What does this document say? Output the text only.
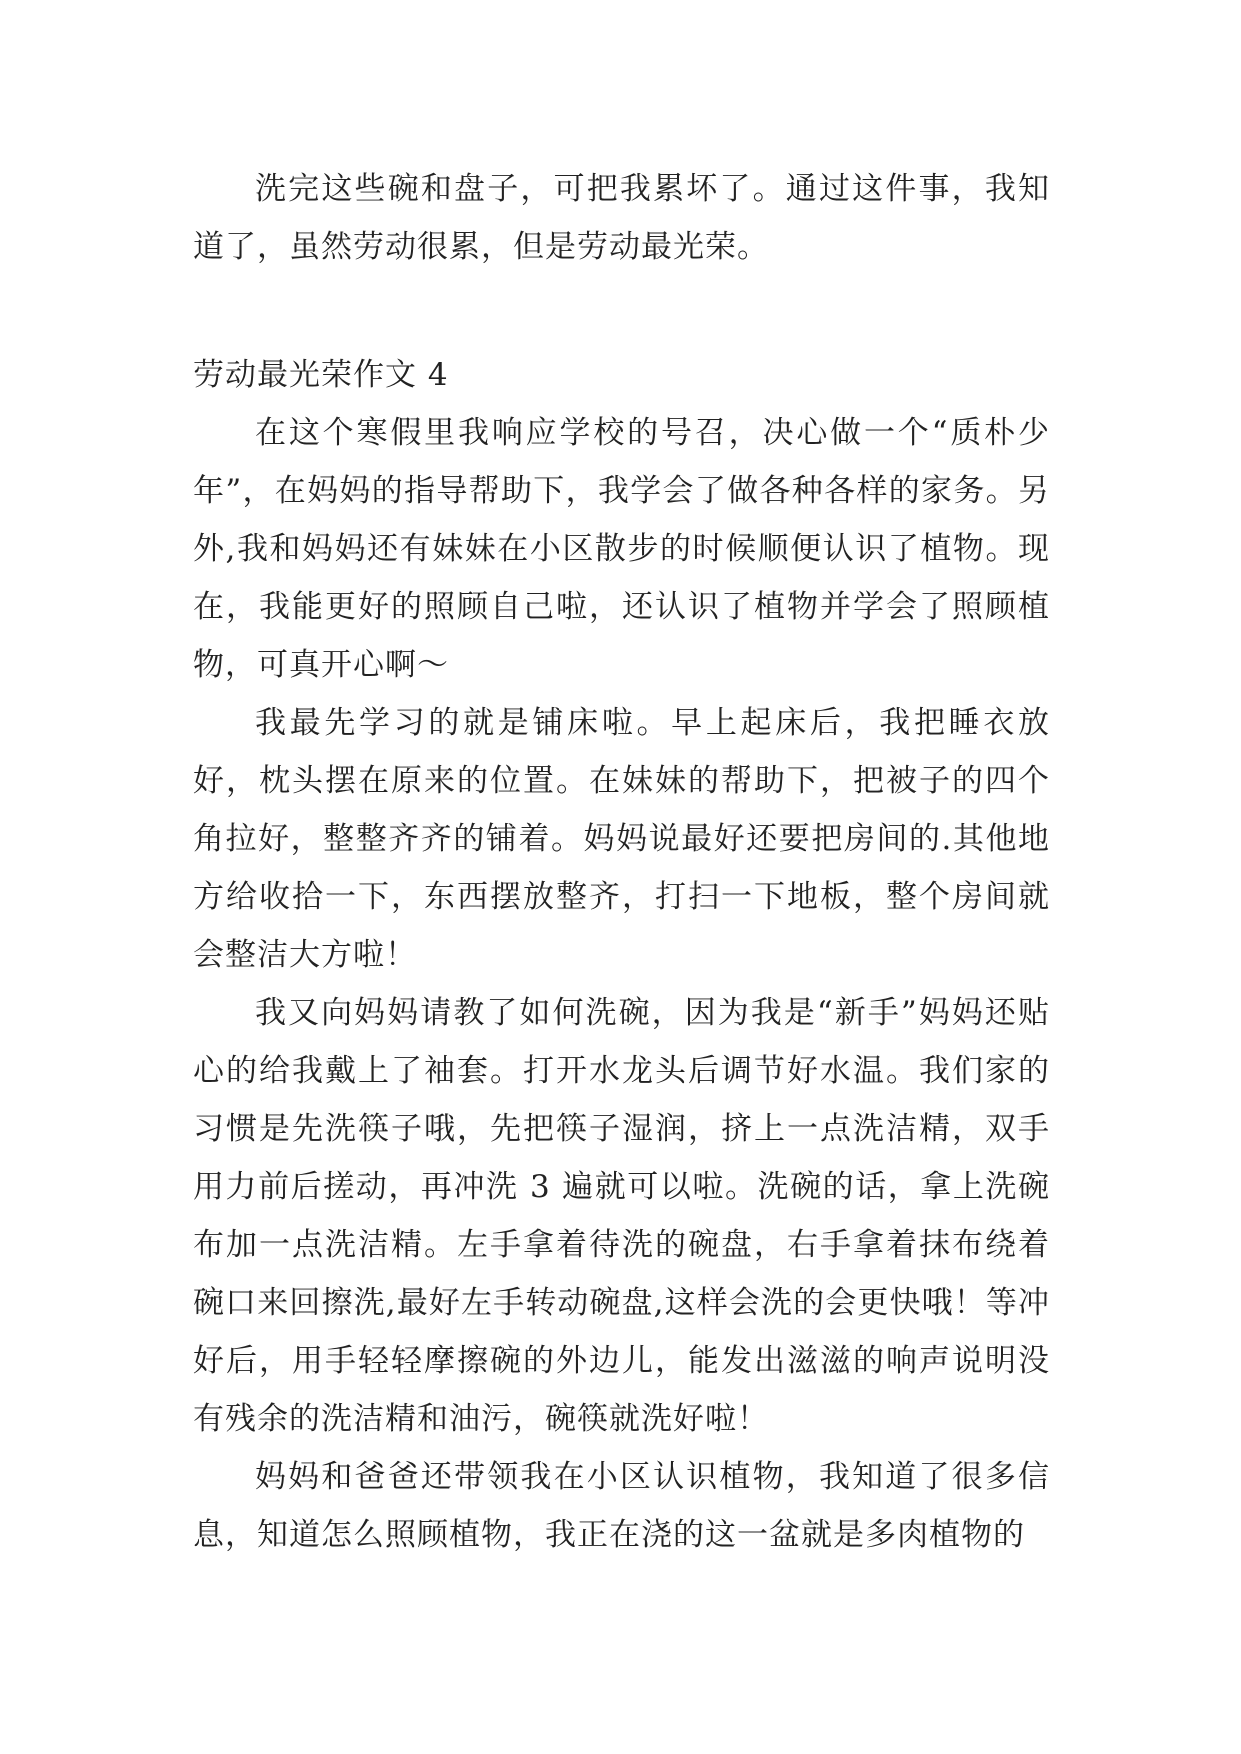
洗完这些碗和盘子，可把我累坏了。通过这件事，我知道了，虽然劳动很累，但是劳动最光荣。

劳动最光荣作文 4

在这个寒假里我响应学校的号召，决心做一个“质朴少年”，在妈妈的指导帮助下，我学会了做各种各样的家务。另外,我和妈妈还有妹妹在小区散步的时候顺便认识了植物。现在，我能更好的照顾自己啦，还认识了植物并学会了照顾植物，可真开心啊～

我最先学习的就是铺床啦。早上起床后，我把睡衣放好，枕头摆在原来的位置。在妹妹的帮助下，把被子的四个角拉好，整整齐齐的铺着。妈妈说最好还要把房间的.其他地方给收拾一下，东西摆放整齐，打扫一下地板，整个房间就会整洁大方啦！

我又向妈妈请教了如何洗碗，因为我是“新手”妈妈还贴心的给我戴上了袖套。打开水龙头后调节好水温。我们家的习惯是先洗筷子哦，先把筷子湿润，挤上一点洗洁精，双手用力前后搓动，再冲洗 3 遍就可以啦。洗碗的话，拿上洗碗布加一点洗洁精。左手拿着待洗的碗盘，右手拿着抹布绕着碗口来回擦洗,最好左手转动碗盘,这样会洗的会更快哦！等冲好后，用手轻轻摩擦碗的外边儿，能发出滋滋的响声说明没有残余的洗洁精和油污，碗筷就洗好啦！

妈妈和爸爸还带领我在小区认识植物，我知道了很多信息，知道怎么照顾植物，我正在浇的这一盆就是多肉植物的
